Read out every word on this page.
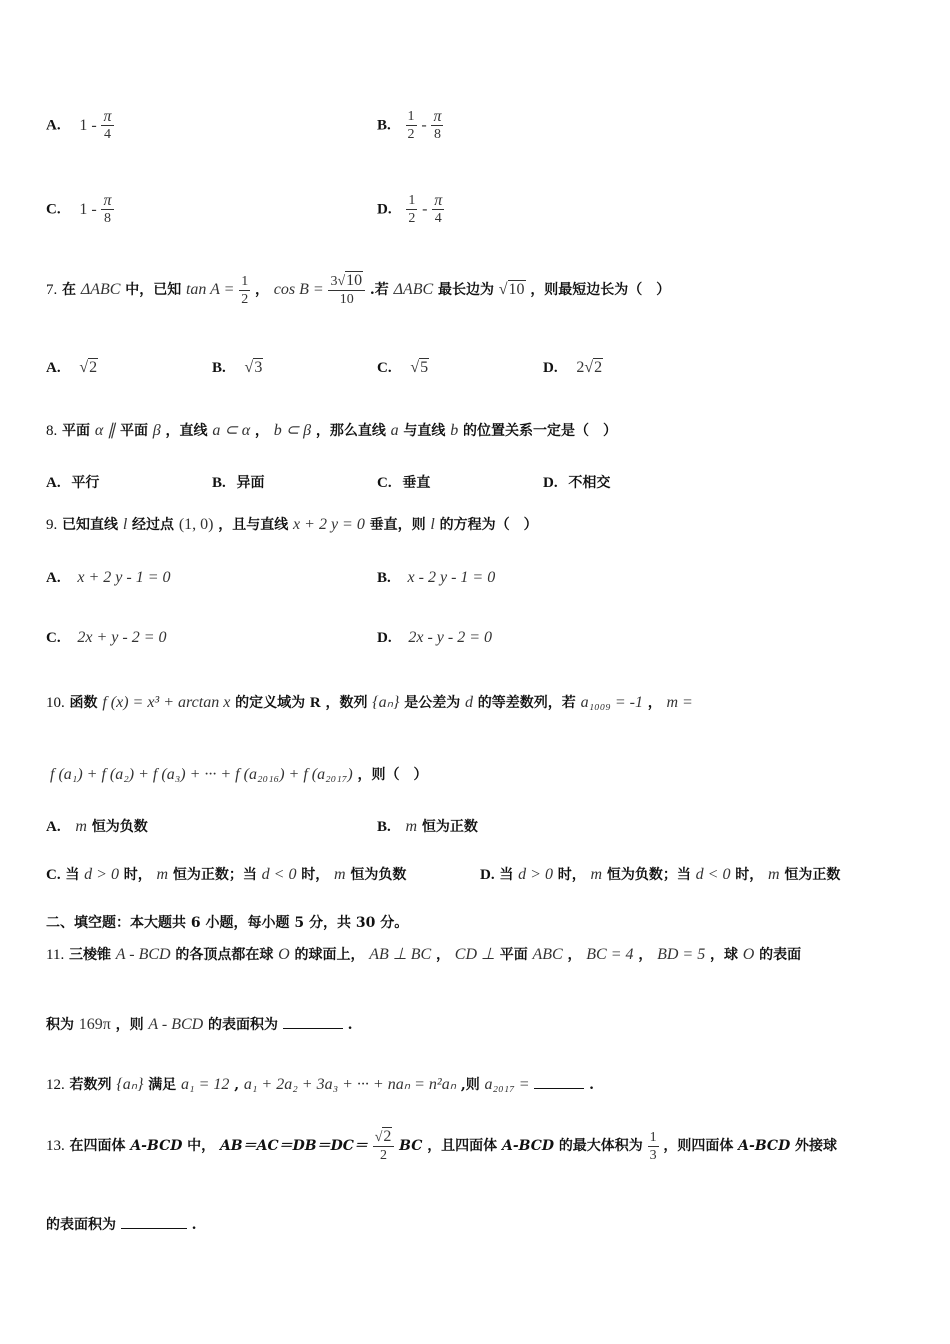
A. $1 - \frac{\pi}{4}$	B. $\frac{1}{2} - \frac{\pi}{8}$
C. $1 - \frac{\pi}{8}$	D. $\frac{1}{2} - \frac{\pi}{4}$
7. 在 ΔABC 中，已知 $\tan A = \frac{1}{2}$ ， $\cos B = \frac{3√10}{10}$ .若 ΔABC 最长边为 √10 ，则最短边长为（　）
A. √2	B. √3	C. √5	D. 2√2
8. 平面 α ∥ 平面 β ，直线 a ⊂ α ， b ⊂ β ，那么直线 a 与直线 b 的位置关系一定是（　）
A. 平行	B. 异面	C. 垂直	D. 不相交
9. 已知直线 l 经过点 (1, 0) ，且与直线 x + 2 y = 0 垂直，则 l 的方程为（　）
A. x + 2 y - 1 = 0	B. x - 2 y - 1 = 0
C. 2x + y - 2 = 0	D. 2x - y - 2 = 0
10. 函数 f (x) = x³ + arctan x 的定义域为 R ，数列 {aₙ} 是公差为 d 的等差数列，若 a₁₀₀₉ = -1 ， m =
f (a₁) + f (a₂) + f (a₃) + ··· + f (a₂₀₁₆) + f (a₂₀₁₇) ，则（　）
A. m 恒为负数	B. m 恒为正数
C. 当 d > 0 时， m 恒为正数；当 d < 0 时， m 恒为负数	D. 当 d > 0 时， m 恒为负数；当 d < 0 时， m 恒为正数
二、填空题：本大题共 6 小题，每小题 5 分，共 30 分。
11. 三棱锥 A - BCD 的各顶点都在球 O 的球面上， AB ⊥ BC ， CD ⊥ 平面 ABC ， BC = 4 ， BD = 5 ，球 O 的表面
积为 169π ，则 A - BCD 的表面积为	.
12. 若数列 {aₙ} 满足 a₁ = 12 , a₁ + 2a₂ + 3a₃ + ··· + naₙ = n²aₙ ,则 a₂₀₁₇ =	.
13. 在四面体 A-BCD 中， $AB=AC=DB=DC= \frac{√2}{2}$ BC ，且四面体 A-BCD 的最大体积为 $\frac{1}{3}$ ，则四面体 A-BCD 外接球
的表面积为	.
